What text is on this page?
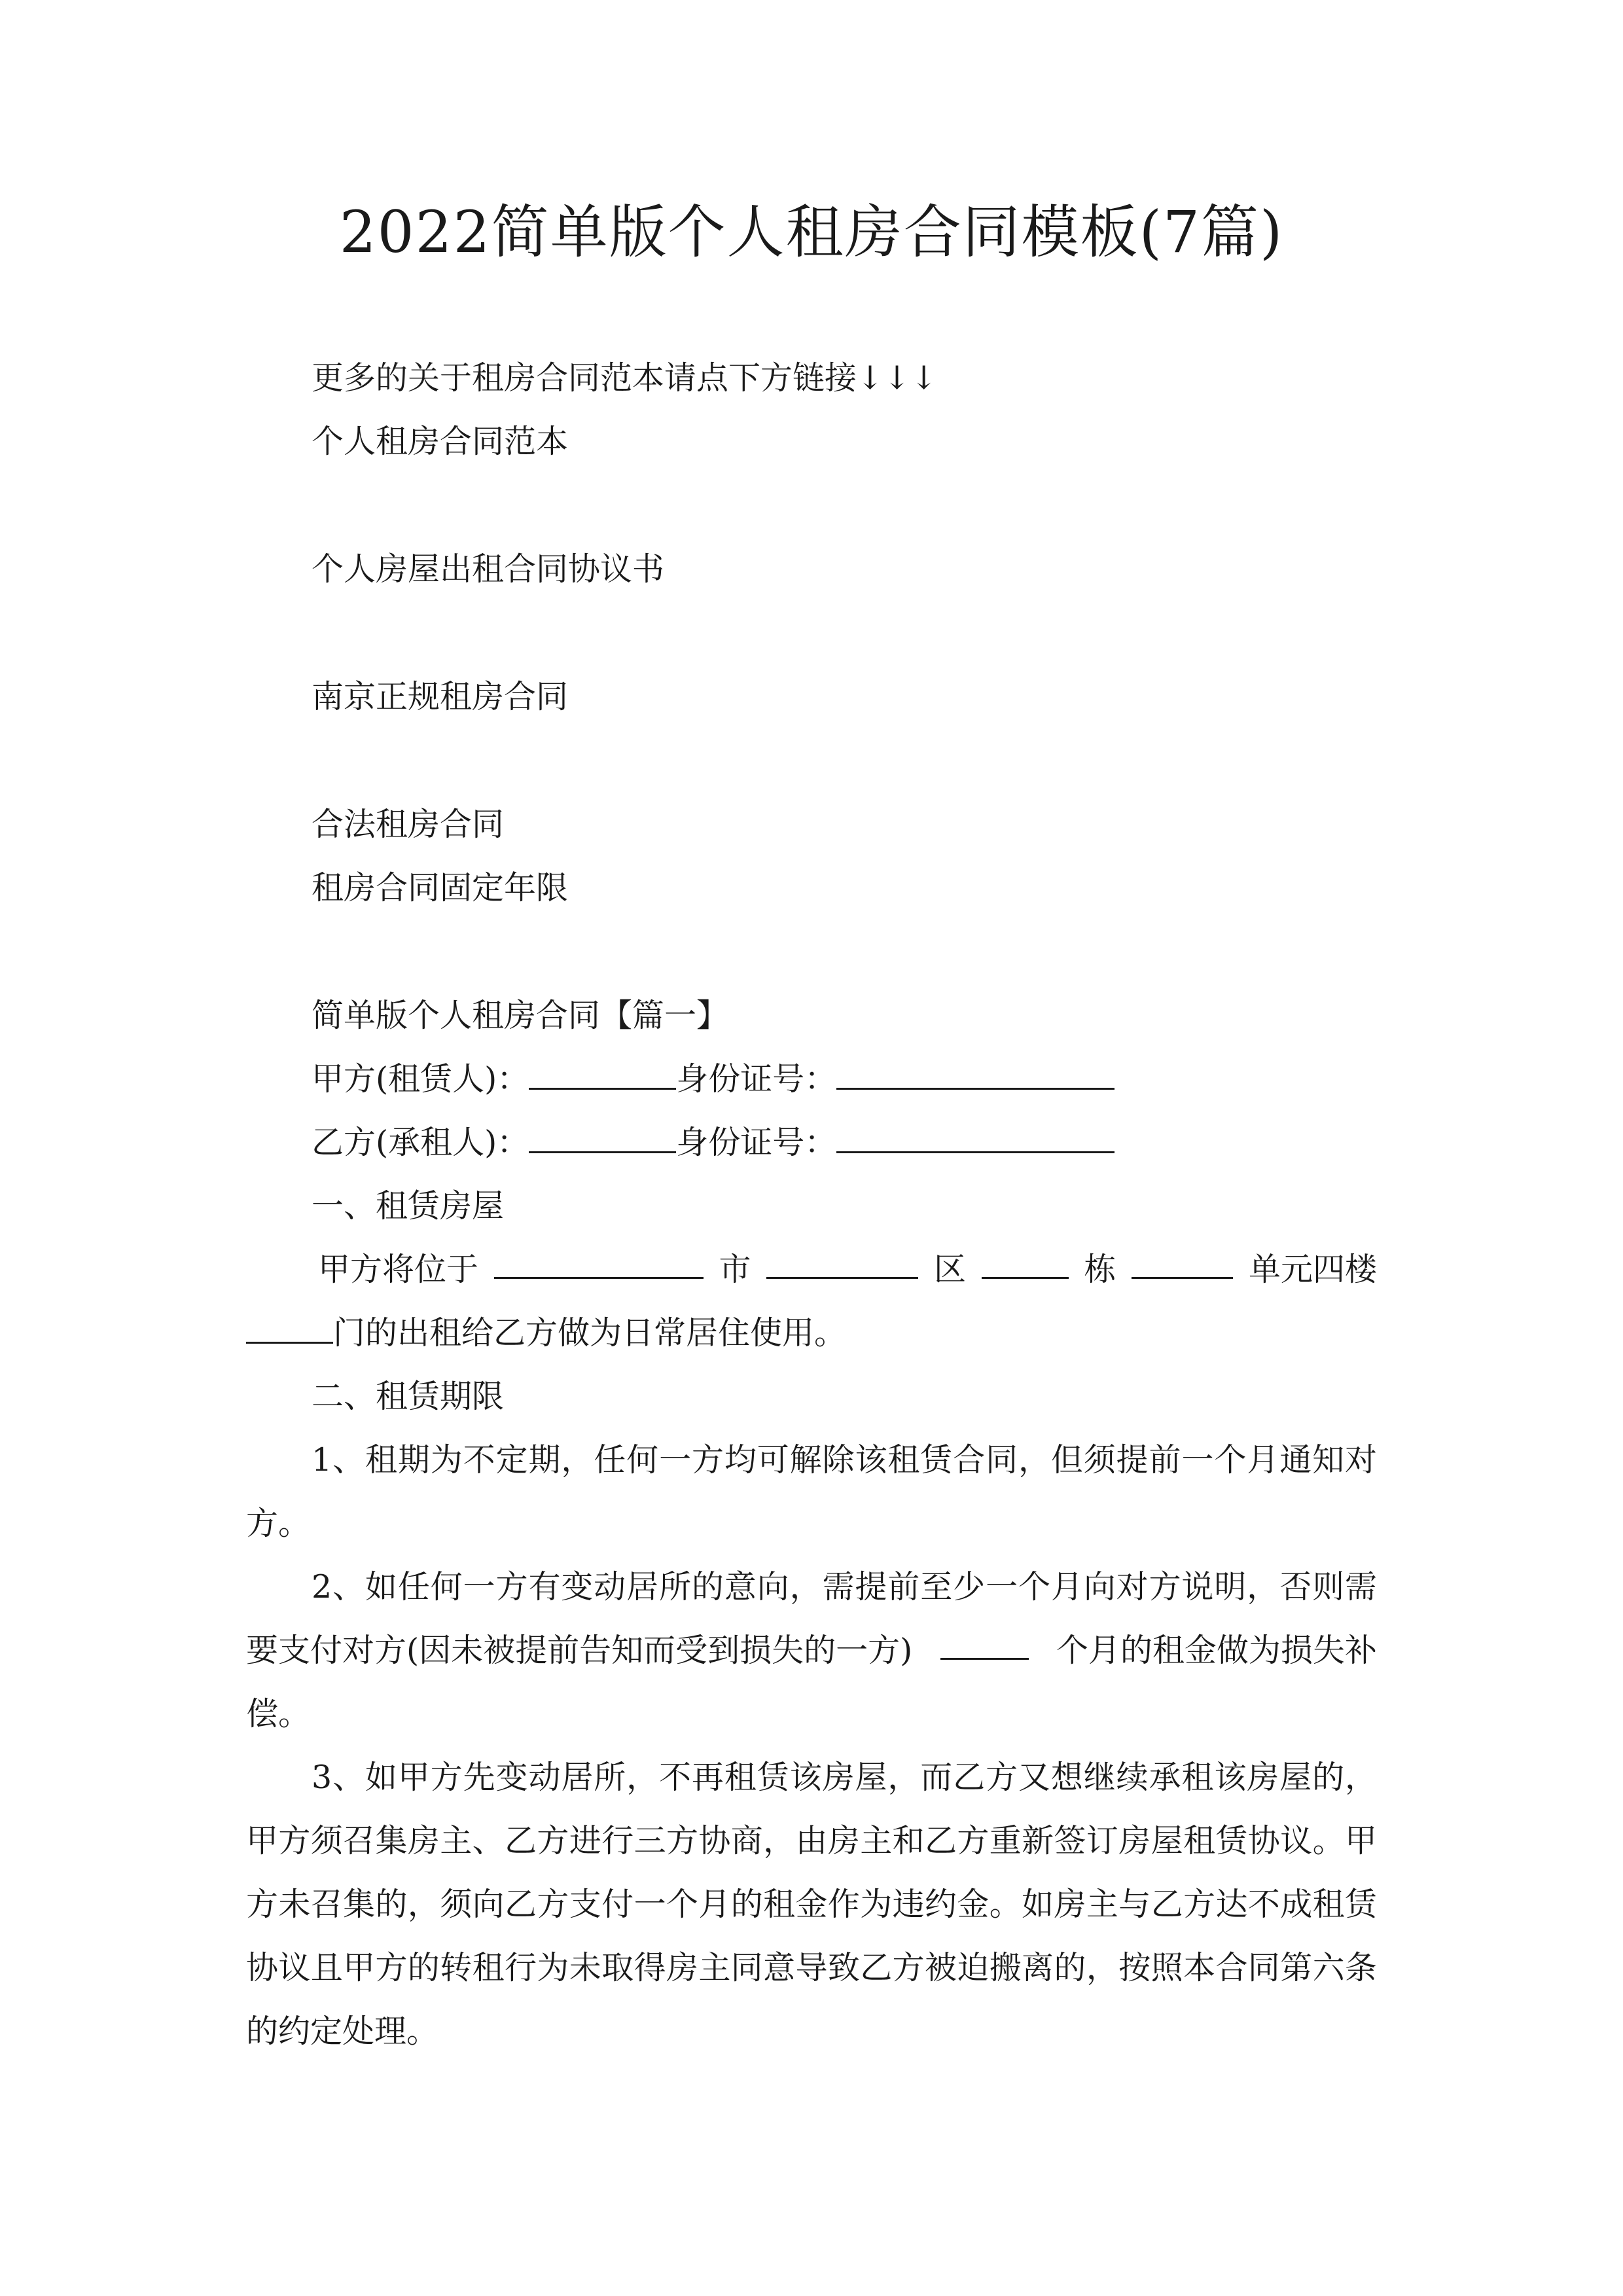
2022简单版个人租房合同模板(7篇)

更多的关于租房合同范本请点下方链接↓↓↓

个人租房合同范本

个人房屋出租合同协议书

南京正规租房合同

合法租房合同

租房合同固定年限

简单版个人租房合同【篇一】

甲方(租赁人)：	身份证号：

乙方(承租人)：	身份证号：

一、租赁房屋

甲方将位于	市	区	栋	单元四楼

门的出租给乙方做为日常居住使用。

二、租赁期限

1、租期为不定期，任何一方均可解除该租赁合同，但须提前一个月通知对

方。

2、如任何一方有变动居所的意向，需提前至少一个月向对方说明，否则需

要支付对方(因未被提前告知而受到损失的一方)	个月的租金做为损失补

偿。

3、如甲方先变动居所，不再租赁该房屋，而乙方又想继续承租该房屋的，

甲方须召集房主、乙方进行三方协商，由房主和乙方重新签订房屋租赁协议。甲

方未召集的，须向乙方支付一个月的租金作为违约金。如房主与乙方达不成租赁

协议且甲方的转租行为未取得房主同意导致乙方被迫搬离的，按照本合同第六条

的约定处理。
